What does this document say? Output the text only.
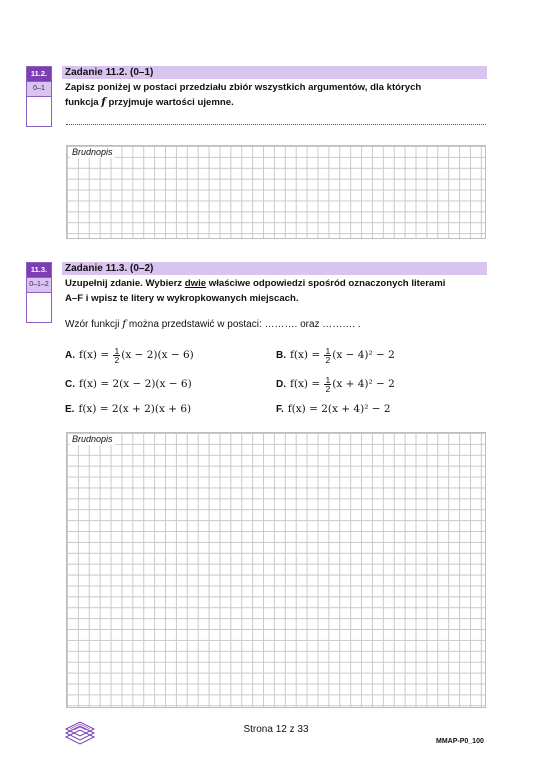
11.2.
0–1
Zadanie 11.2. (0–1)
Zapisz poniżej w postaci przedziału zbiór wszystkich argumentów, dla których
funkcja f przyjmuje wartości ujemne.
Brudnopis
11.3.
0–1–2
Zadanie 11.3. (0–2)
Uzupełnij zdanie. Wybierz dwie właściwe odpowiedzi spośród oznaczonych literami
A–F i wpisz te litery w wykropkowanych miejscach.
Wzór funkcji f można przedstawić w postaci: ………. oraz ………. .
A. $f(x) = \frac{1}{2} (x - 2)(x - 6)$	B. $f(x) = \frac{1}{2} (x - 4)^2 - 2$
C. f(x) = 2(x − 2)(x − 6)	D. $f(x) = \frac{1}{2} (x + 4)^2 - 2$
E. f(x) = 2(x + 2)(x + 6)	F. f(x) = 2(x + 4)² − 2
Brudnopis
Strona 12 z 33
MMAP-P0_100
